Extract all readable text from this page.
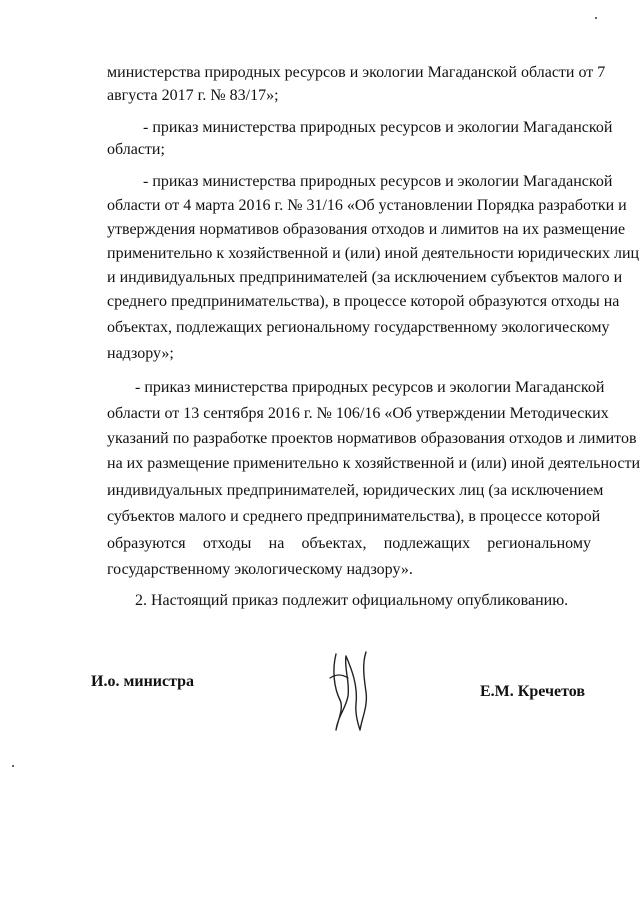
министерства природных ресурсов и экологии Магаданской области от 7
августа 2017 г. № 83/17»;
- приказ министерства природных ресурсов и экологии Магаданской
области;
- приказ министерства природных ресурсов и экологии Магаданской
области от 4 марта 2016 г. № 31/16 «Об установлении Порядка разработки и
утверждения нормативов образования отходов и лимитов на их размещение
применительно к хозяйственной и (или) иной деятельности юридических лиц
и индивидуальных предпринимателей (за исключением субъектов малого и
среднего предпринимательства), в процессе которой образуются отходы на
объектах, подлежащих региональному государственному экологическому
надзору»;
- приказ министерства природных ресурсов и экологии Магаданской
области от 13 сентября 2016 г. № 106/16 «Об утверждении Методических
указаний по разработке проектов нормативов образования отходов и лимитов
на их размещение применительно к хозяйственной и (или) иной деятельности
индивидуальных предпринимателей, юридических лиц (за исключением
субъектов малого и среднего предпринимательства), в процессе которой
образуются отходы на объектах, подлежащих региональному
государственному экологическому надзору».
2. Настоящий приказ подлежит официальному опубликованию.
И.о. министра
Е.М. Кречетов
